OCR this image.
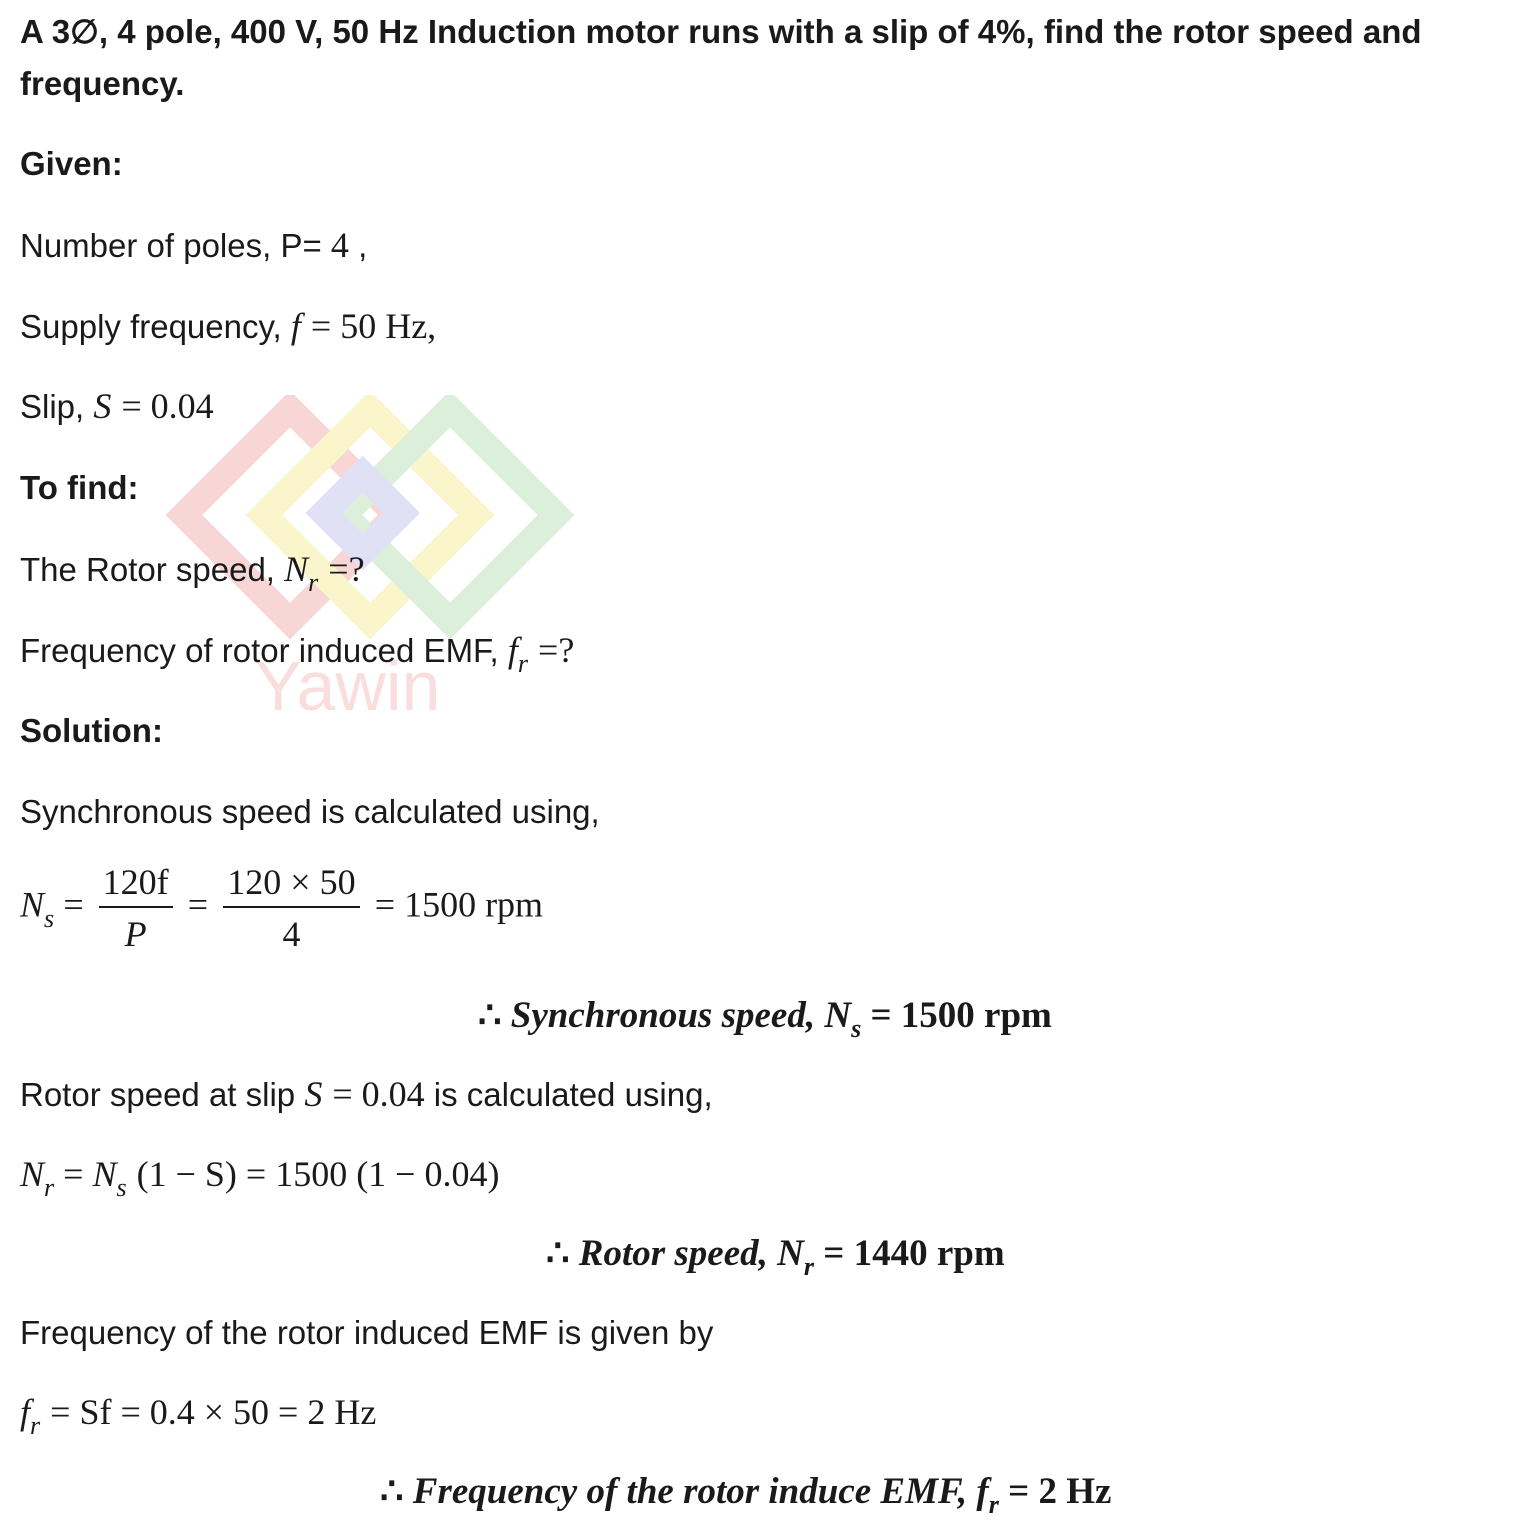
Yawin
A 3∅, 4 pole, 400 V, 50 Hz Induction motor runs with a slip of 4%, find the rotor speed and
frequency.
Given:
Number of poles, P= 4 ,
Supply frequency, f = 50 Hz,
Slip, S = 0.04
To find:
The Rotor speed, $N_r$ =?
Frequency of rotor induced EMF, $f_r$ =?
Solution:
Synchronous speed is calculated using,
$N_s = \frac{120f}{P} = \frac{120 \times 50}{4} = 1500$ rpm
∴ Synchronous speed, $N_s = 1500$ rpm
Rotor speed at slip S = 0.04 is calculated using,
$N_r = N_s$ (1 − S) = 1500 (1 − 0.04)
∴ Rotor speed, $N_r = 1440$ rpm
Frequency of the rotor induced EMF is given by
$f_r = Sf = 0.4 \times 50 = 2$ Hz
∴ Frequency of the rotor induce EMF, $f_r = 2$ Hz
